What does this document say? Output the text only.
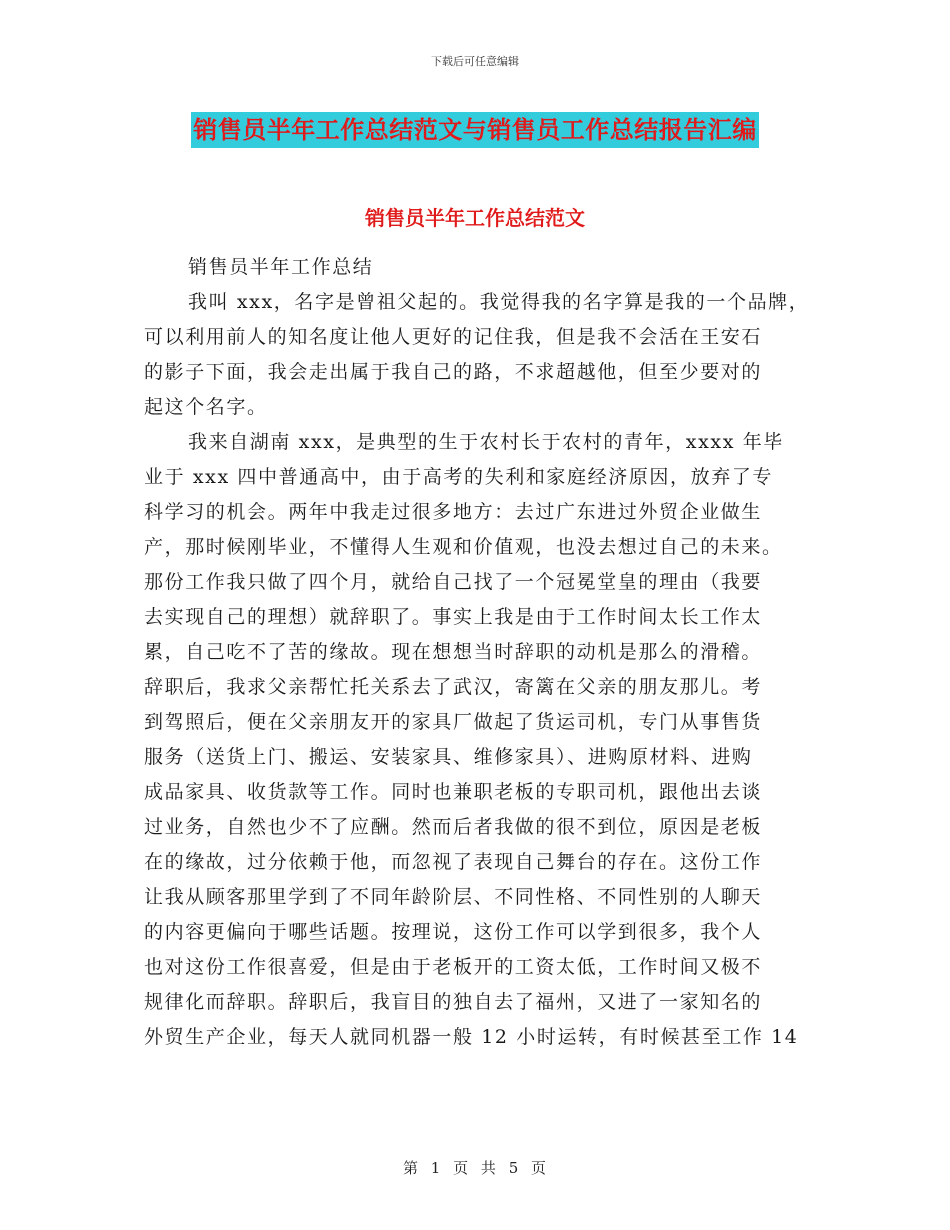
下载后可任意编辑
销售员半年工作总结范文与销售员工作总结报告汇编
销售员半年工作总结范文
销售员半年工作总结
我叫 xxx，名字是曾祖父起的。我觉得我的名字算是我的一个品牌，
可以利用前人的知名度让他人更好的记住我，但是我不会活在王安石
的影子下面，我会走出属于我自己的路，不求超越他，但至少要对的
起这个名字。
我来自湖南 xxx，是典型的生于农村长于农村的青年，xxxx 年毕
业于 xxx 四中普通高中，由于高考的失利和家庭经济原因，放弃了专
科学习的机会。两年中我走过很多地方：去过广东进过外贸企业做生
产，那时候刚毕业，不懂得人生观和价值观，也没去想过自己的未来。
那份工作我只做了四个月，就给自己找了一个冠冕堂皇的理由（我要
去实现自己的理想）就辞职了。事实上我是由于工作时间太长工作太
累，自己吃不了苦的缘故。现在想想当时辞职的动机是那么的滑稽。
辞职后，我求父亲帮忙托关系去了武汉，寄篱在父亲的朋友那儿。考
到驾照后，便在父亲朋友开的家具厂做起了货运司机，专门从事售货
服务（送货上门、搬运、安装家具、维修家具）、进购原材料、进购
成品家具、收货款等工作。同时也兼职老板的专职司机，跟他出去谈
过业务，自然也少不了应酬。然而后者我做的很不到位，原因是老板
在的缘故，过分依赖于他，而忽视了表现自己舞台的存在。这份工作
让我从顾客那里学到了不同年龄阶层、不同性格、不同性别的人聊天
的内容更偏向于哪些话题。按理说，这份工作可以学到很多，我个人
也对这份工作很喜爱，但是由于老板开的工资太低，工作时间又极不
规律化而辞职。辞职后，我盲目的独自去了福州，又进了一家知名的
外贸生产企业，每天人就同机器一般 12 小时运转，有时候甚至工作 14
第 1 页 共 5 页
